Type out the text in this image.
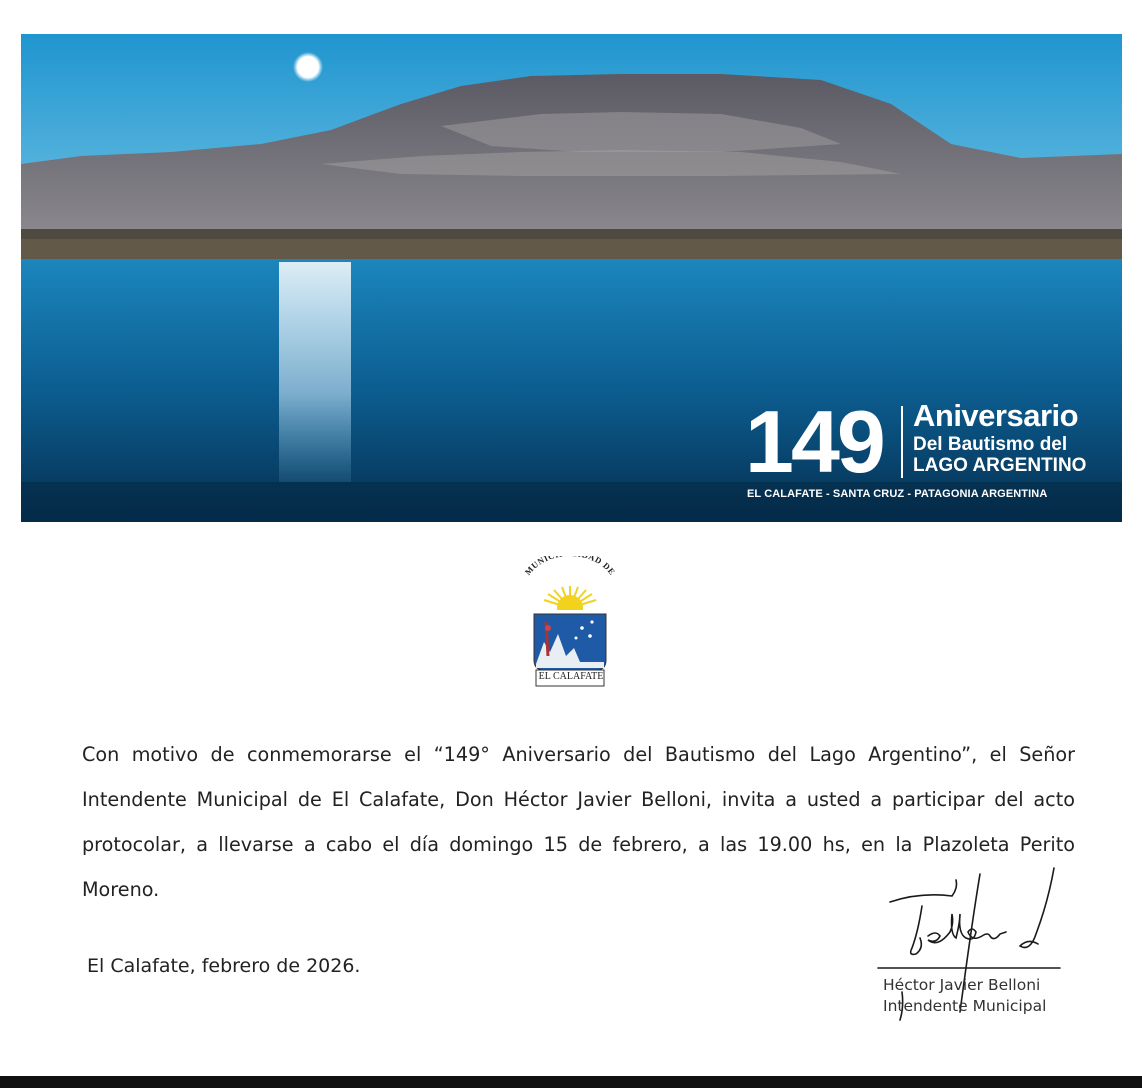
149 Aniversario
Del Bautismo del
LAGO ARGENTINO
EL CALAFATE - SANTA CRUZ - PATAGONIA ARGENTINA
MUNI AD DE
EL CALAFATE

Con motivo de conmemorarse el “149° Aniversario del Bautismo del Lago Argentino”, el Señor Intendente Municipal de El Calafate, Don Héctor Javier Belloni, invita a usted a participar del acto protocolar, a llevarse a cabo el día domingo 15 de febrero, a las 19.00 hs, en la Plazoleta Perito Moreno.

El Calafate, febrero de 2026.
Héctor Javier Belloni
Intendente Municipal
